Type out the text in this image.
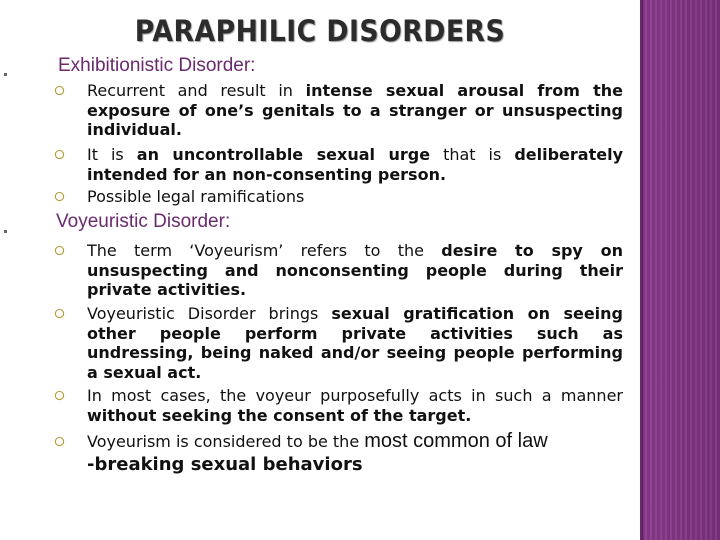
PARAPHILIC DISORDERS
Exhibitionistic Disorder:
Recurrent and result in intense sexual arousal from the exposure of one’s genitals to a stranger or unsuspecting individual.
It is an uncontrollable sexual urge that is deliberately intended for an non-consenting person.
Possible legal ramifications
Voyeuristic Disorder:
The term ‘Voyeurism’ refers to the desire to spy on unsuspecting and nonconsenting people during their private activities.
Voyeuristic Disorder brings sexual gratification on seeing other people perform private activities such as undressing, being naked and/or seeing people performing a sexual act.
In most cases, the voyeur purposefully acts in such a manner without seeking the consent of the target.
Voyeurism is considered to be the most common of law
-breaking sexual behaviors
